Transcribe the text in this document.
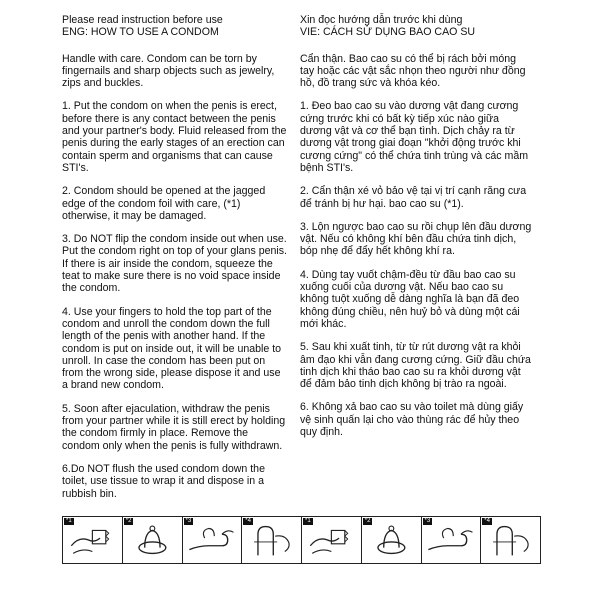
Please read instruction before use
ENG: HOW TO USE A CONDOM

Handle with care. Condom can be torn by fingernails and sharp objects such as jewelry, zips and buckles.

1. Put the condom on when the penis is erect, before there is any contact between the penis and your partner's body. Fluid released from the penis during the early stages of an erection can contain sperm and organisms that can cause STI's.

2. Condom should be opened at the jagged edge of the condom foil with care, (*1) otherwise, it may be damaged.

3. Do NOT flip the condom inside out when use. Put the condom right on top of your glans penis. If there is air inside the condom, squeeze the teat to make sure there is no void space inside the condom.

4. Use your fingers to hold the top part of the condom and unroll the condom down the full length of the penis with another hand. If the condom is put on inside out, it will be unable to unroll. In case the condom has been put on from the wrong side, please dispose it and use a brand new condom.

5. Soon after ejaculation, withdraw the penis from your partner while it is still erect by holding the condom firmly in place. Remove the condom only when the penis is fully withdrawn.

6.Do NOT flush the used condom down the toilet, use tissue to wrap it and dispose in a rubbish bin.

Xin đọc hướng dẫn trước khi dùng
VIE: CÁCH SỬ DỤNG BAO CAO SU

Cẩn thận. Bao cao su có thể bị rách bởi móng tay hoặc các vật sắc nhọn theo người như đồng hồ, đồ trang sức và khóa kéo.

1. Đeo bao cao su vào dương vật đang cương cứng trước khi có bất kỳ tiếp xúc nào giữa dương vật và cơ thể bạn tình. Dịch chảy ra từ dương vật trong giai đoạn "khởi động trước khi cương cứng" có thể chứa tinh trùng và các mầm bệnh STI's.

2. Cẩn thận xé vỏ bảo vệ tại vị trí cạnh răng cưa để tránh bị hư hại. bao cao su (*1).

3. Lộn ngược bao cao su rồi chụp lên đầu dương vật. Nếu có không khí bên đầu chứa tinh dịch, bóp nhẹ để đẩy hết không khí ra.

4. Dùng tay vuốt chậm-đều từ đầu bao cao su xuống cuối của dương vật. Nếu bao cao su không tuột xuống dễ dàng nghĩa là bạn đã đeo không đúng chiều, nên huỷ bỏ và dùng một cái mới khác.

5. Sau khi xuất tinh, từ từ rút dương vật ra khỏi âm đạo khi vẫn đang cương cứng. Giữ đầu chứa tinh dịch khi tháo bao cao su ra khỏi dương vật để đảm bảo tinh dịch không bị trào ra ngoài.

6. Không xả bao cao su vào toilet mà dùng giấy vệ sinh quấn lại cho vào thùng rác để hủy theo quy định.

*1	*2	*3	*4	*1	*2	*3	*4
